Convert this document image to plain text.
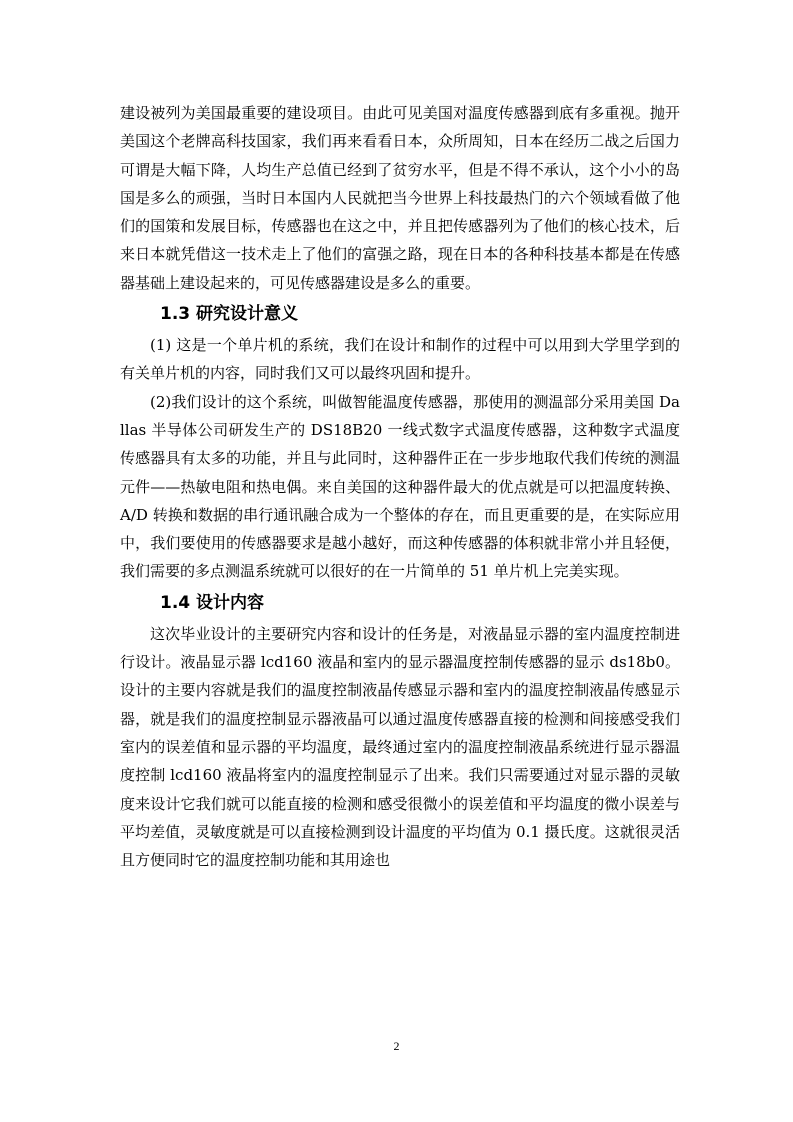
建设被列为美国最重要的建设项目。由此可见美国对温度传感器到底有多重视。抛开美国这个老牌高科技国家，我们再来看看日本，众所周知，日本在经历二战之后国力可谓是大幅下降，人均生产总值已经到了贫穷水平，但是不得不承认，这个小小的岛国是多么的顽强，当时日本国内人民就把当今世界上科技最热门的六个领域看做了他们的国策和发展目标，传感器也在这之中，并且把传感器列为了他们的核心技术，后来日本就凭借这一技术走上了他们的富强之路，现在日本的各种科技基本都是在传感器基础上建设起来的，可见传感器建设是多么的重要。

1.3 研究设计意义

(1) 这是一个单片机的系统，我们在设计和制作的过程中可以用到大学里学到的有关单片机的内容，同时我们又可以最终巩固和提升。

(2)我们设计的这个系统，叫做智能温度传感器，那使用的测温部分采用美国 Dallas 半导体公司研发生产的 DS18B20 一线式数字式温度传感器，这种数字式温度传感器具有太多的功能，并且与此同时，这种器件正在一步步地取代我们传统的测温元件——热敏电阻和热电偶。来自美国的这种器件最大的优点就是可以把温度转换、A/D 转换和数据的串行通讯融合成为一个整体的存在，而且更重要的是，在实际应用中，我们要使用的传感器要求是越小越好，而这种传感器的体积就非常小并且轻便，我们需要的多点测温系统就可以很好的在一片简单的 51 单片机上完美实现。

1.4 设计内容

这次毕业设计的主要研究内容和设计的任务是，对液晶显示器的室内温度控制进行设计。液晶显示器 lcd160 液晶和室内的显示器温度控制传感器的显示 ds18b0。设计的主要内容就是我们的温度控制液晶传感显示器和室内的温度控制液晶传感显示器，就是我们的温度控制显示器液晶可以通过温度传感器直接的检测和间接感受我们室内的误差值和显示器的平均温度，最终通过室内的温度控制液晶系统进行显示器温度控制 lcd160 液晶将室内的温度控制显示了出来。我们只需要通过对显示器的灵敏度来设计它我们就可以能直接的检测和感受很微小的误差值和平均温度的微小误差与平均差值，灵敏度就是可以直接检测到设计温度的平均值为 0.1 摄氏度。这就很灵活且方便同时它的温度控制功能和其用途也

2
